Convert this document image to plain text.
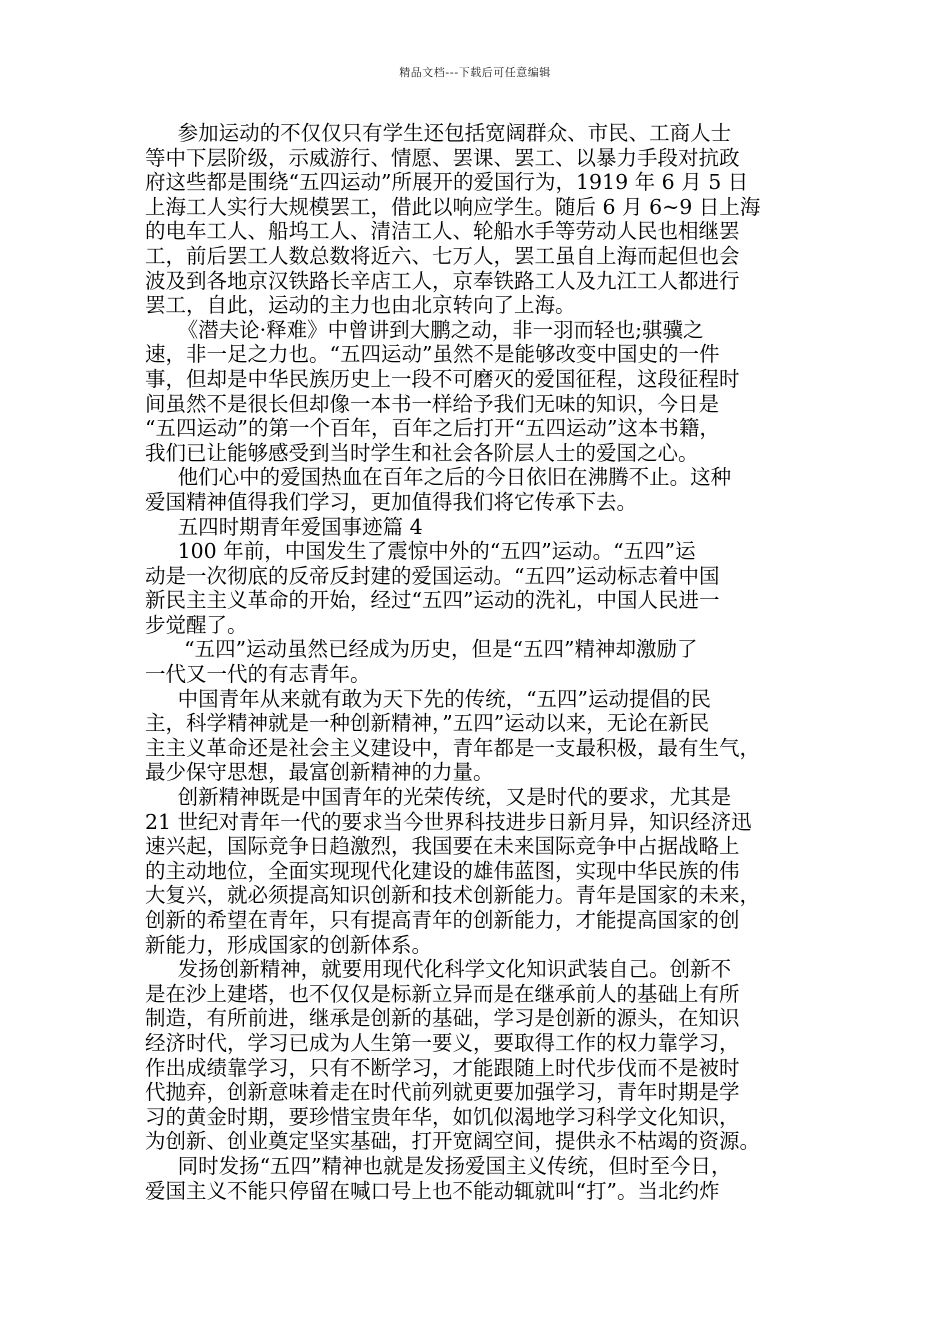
精品文档---下载后可任意编辑

参加运动的不仅仅只有学生还包括宽阔群众、市民、工商人士

等中下层阶级，示威游行、情愿、罢课、罢工、以暴力手段对抗政

府这些都是围绕“五四运动”所展开的爱国行为，1919 年 6 月 5 日

上海工人实行大规模罢工，借此以响应学生。随后 6 月 6~9 日上海

的电车工人、船坞工人、清洁工人、轮船水手等劳动人民也相继罢

工，前后罢工人数总数将近六、七万人，罢工虽自上海而起但也会

波及到各地京汉铁路长辛店工人，京奉铁路工人及九江工人都进行

罢工，自此，运动的主力也由北京转向了上海。

《潜夫论·释难》中曾讲到大鹏之动，非一羽而轻也;骐骥之

速，非一足之力也。“五四运动”虽然不是能够改变中国史的一件

事，但却是中华民族历史上一段不可磨灭的爱国征程，这段征程时

间虽然不是很长但却像一本书一样给予我们无味的知识，今日是

“五四运动”的第一个百年，百年之后打开“五四运动”这本书籍，

我们已让能够感受到当时学生和社会各阶层人士的爱国之心。

他们心中的爱国热血在百年之后的今日依旧在沸腾不止。这种

爱国精神值得我们学习，更加值得我们将它传承下去。

五四时期青年爱国事迹篇 4

100 年前，中国发生了震惊中外的“五四”运动。“五四”运

动是一次彻底的反帝反封建的爱国运动。“五四”运动标志着中国

新民主主义革命的开始，经过“五四”运动的洗礼，中国人民进一

步觉醒了。

“五四”运动虽然已经成为历史，但是“五四”精神却激励了

一代又一代的有志青年。

中国青年从来就有敢为天下先的传统，“五四”运动提倡的民

主，科学精神就是一种创新精神，”五四”运动以来，无论在新民

主主义革命还是社会主义建设中，青年都是一支最积极，最有生气，

最少保守思想，最富创新精神的力量。

创新精神既是中国青年的光荣传统，又是时代的要求，尤其是

21 世纪对青年一代的要求当今世界科技进步日新月异，知识经济迅

速兴起，国际竞争日趋激烈，我国要在未来国际竞争中占据战略上

的主动地位，全面实现现代化建设的雄伟蓝图，实现中华民族的伟

大复兴，就必须提高知识创新和技术创新能力。青年是国家的未来，

创新的希望在青年，只有提高青年的创新能力，才能提高国家的创

新能力，形成国家的创新体系。

发扬创新精神，就要用现代化科学文化知识武装自己。创新不

是在沙上建塔，也不仅仅是标新立异而是在继承前人的基础上有所

制造，有所前进，继承是创新的基础，学习是创新的源头，在知识

经济时代，学习已成为人生第一要义，要取得工作的权力靠学习，

作出成绩靠学习，只有不断学习，才能跟随上时代步伐而不是被时

代抛弃，创新意味着走在时代前列就更要加强学习，青年时期是学

习的黄金时期，要珍惜宝贵年华，如饥似渴地学习科学文化知识，

为创新、创业奠定坚实基础，打开宽阔空间，提供永不枯竭的资源。

同时发扬“五四”精神也就是发扬爱国主义传统，但时至今日，

爱国主义不能只停留在喊口号上也不能动辄就叫“打”。当北约炸
